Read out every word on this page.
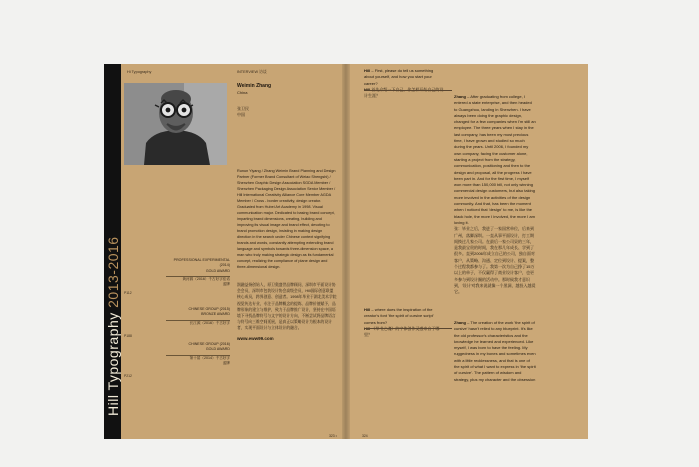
Hill Typography 2013-2016
Hi Typography	INTERVIEW 访谈
Weimin Zhang
China
张卫民
中国
Runun Yiyang / Zhang Weimin Brand Planning and Design Partner (Former Brand Consultant of Weiao Shengshi) / Shenzhen Graphic Design Association SGDA Member / Shenzhen Packaging Design Association Senior Member / Hill International Creativity Alliance Core Member AGDA Member / Cross - border creativity, design creator. Graduated from Hubei Art Academy in 1998. Visual communication major. Dedicated to basing brand concept, imparting brand dimensions, creating, building and improving its visual image and brand effect, devoting to brand promotion design, insisting in making design direction in the search under Chinese context signifying brands and words, constantly attempting extending brand language and symbols towards three-dimension space, a man who truly making strategic design as its fundamental concept, realizing the compliance of plane design and three-dimensional design.
润融益扬创始人，原卫奥盛世品牌顾问，深圳市平面设计协会会员，深圳市包装设计协会高级会员，Hill国际创意联盟核心成员，跨界创意、创造者。1998年毕业于湖北美术学院视觉传达专业，专注于品牌概念的提炼、品牌价值赋予，品牌形象的建立与维护，致力于品牌推广设计，坚持在中国语境下寻找品牌符号与文字的设计方向，不断尝试将品牌语言与符号向三维空间延展，是真正以策略设计为根本的设计者，实现平面设计与立体设计的融合。
www.eww99.com
PROFESSIONAL EXPERIMENTAL (2014)
GOLD AWARD
黄河源（2016）千古好字佳话
蓝牌
P112
CHINESE GROUP (2015)
BRONZE AWARD
长江源（2016）千古好字
P188
CHINESE GROUP (2016)
GOLD AWARD
第十届（2014）千古好字
蓝牌
P212
323 •
Hill – First, please do tell us something about yourself, and how you start your career?
Hill 首先介绍一下自己，你怎样开始自己的设计生涯？	Zhang – After graduating from college, I entered a state enterprise, and then headed to Guangzhou, landing in Shenzhen. I have always been doing the graphic design, changed for a few companies when I'm still an employee. The three years when I stay in the last company, has been my most precious time, I have grown and studied so much during the years. Until 2006, I founded my own company, facing the customer alone, starting a project from the strategy, communication, positioning and then to the design and proposal, all the progress I have been part in. And for the first time, I myself won more than 150,000 bill, not only winning commercial design customers, but also taking more involved in the activities of the design community. And that, has been the moment when I noticed that 'design' to me, is like the black hole, the more I involved, the more I am loving it.
张：毕业之后，我进了一家国营单位，后来到广州，落脚深圳。一直从事平面设计，打工期间换过几家公司。在最后一家公司呆的三年，是我最宝贵的时间，我在那几年成长、学到了很多。直到2006年成立自己的公司，独自面对客户，从策略、沟通、定位到设计、提案，整个过程我都参与了。我第一次为自己挣了15万以上的单子，不仅赢得了商业设计客户，也更多参与到设计圈的活动中。那时候我才意识到，'设计'对我来说就像一个黑洞，越投入越爱它。
Hill – where does the inspiration of the creator's font 'the spirit of cursive script' comes from?
Hill 《草书之魂》的字体创作灵感来自于哪里？
Zhang – The creation of the work 'the spirit of cursive' hasn't relied to any blueprint. It's like the old professor's characteristics and the knowledge he learned and experienced. Like myself, I was born to have the feeling. My ruggedness in my bones and sometimes even with a little recklessness, and that is one of the spirit of what I want to express in 'the spirit of cursive'. The pattern of wisdom and strategy, plus my character and the obsession
324
